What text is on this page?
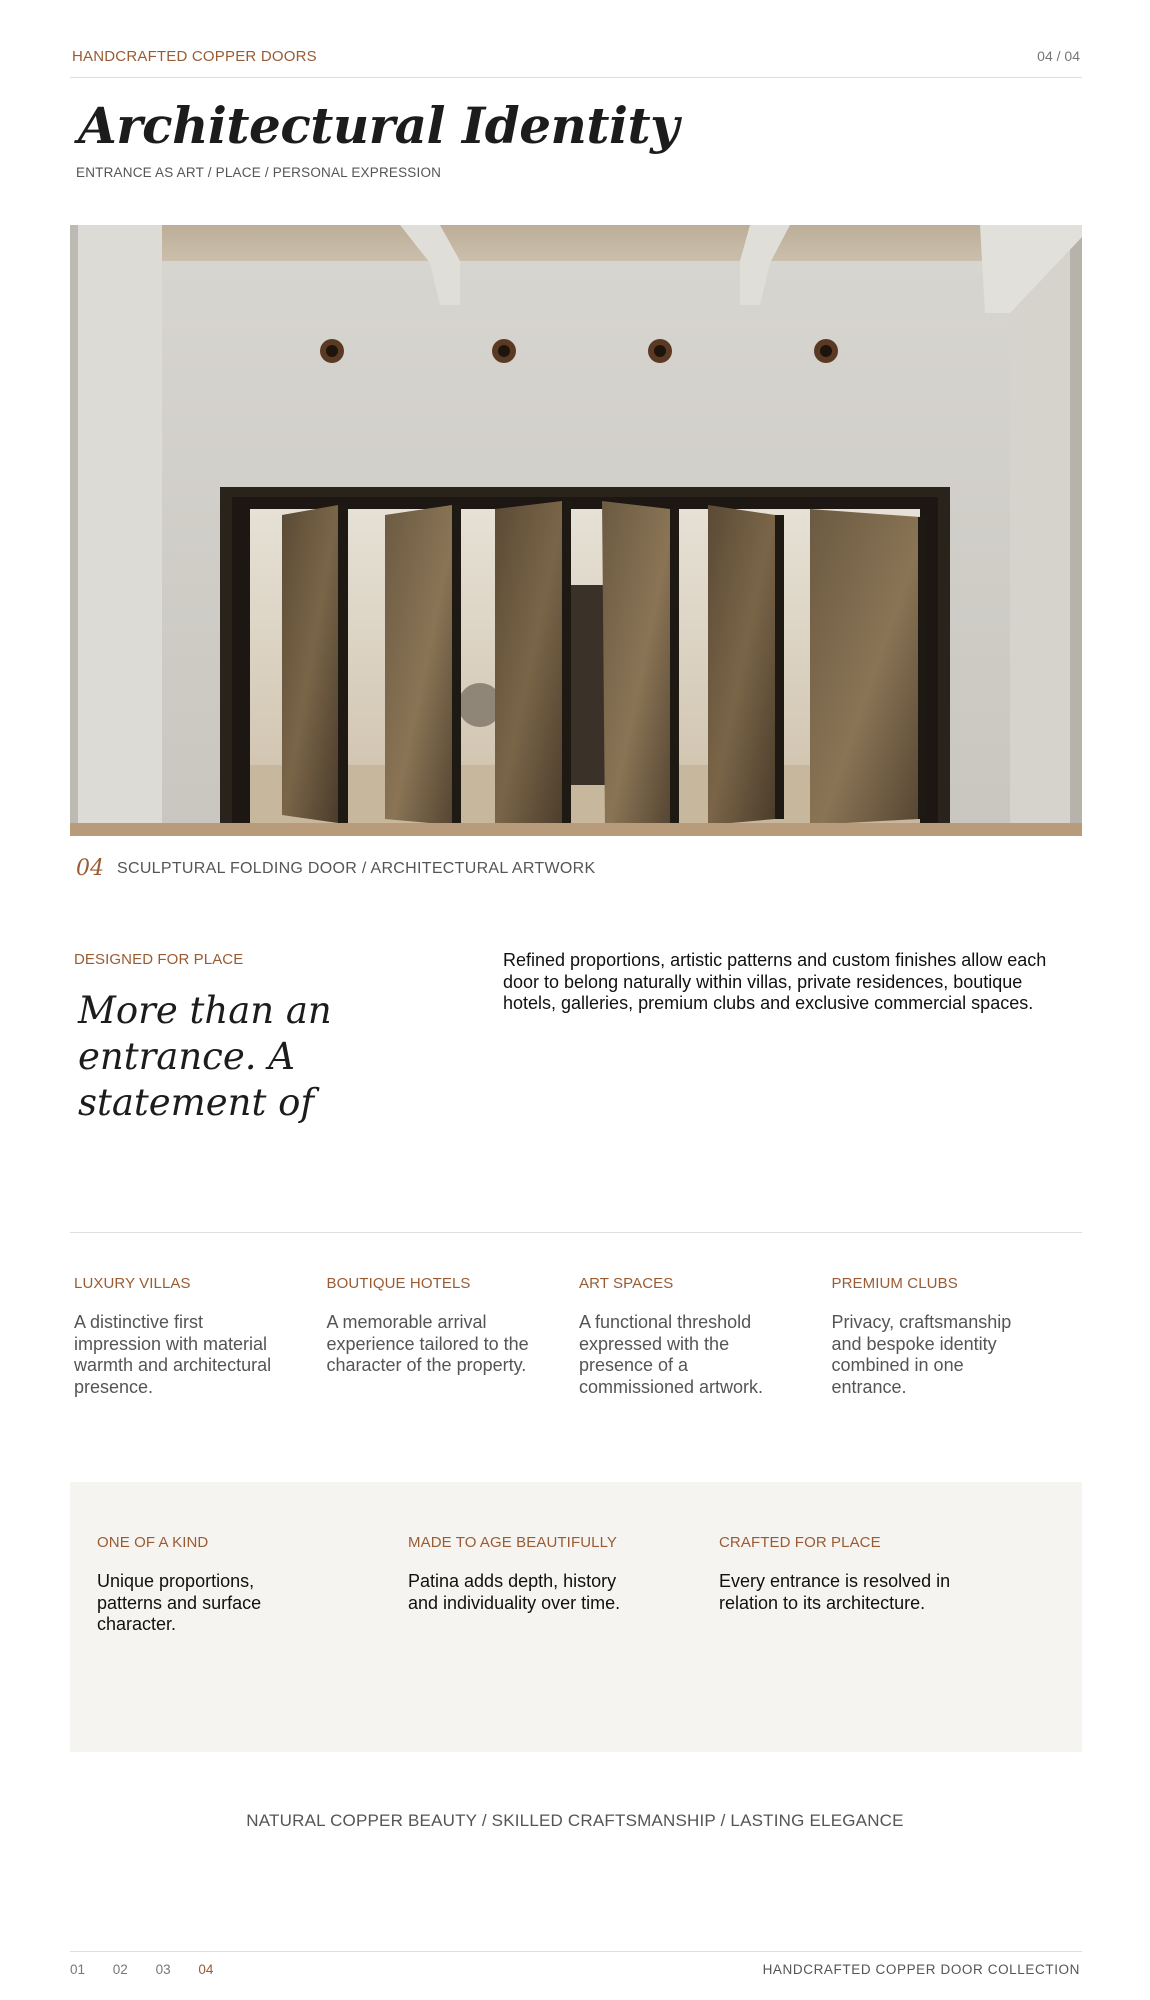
HANDCRAFTED COPPER DOORS	04 / 04
Architectural Identity
ENTRANCE AS ART / PLACE / PERSONAL EXPRESSION
04 SCULPTURAL FOLDING DOOR / ARCHITECTURAL ARTWORK
DESIGNED FOR PLACE
More than an entrance. A statement of

Refined proportions, artistic patterns and custom finishes allow each door to belong naturally within villas, private residences, boutique hotels, galleries, premium clubs and exclusive commercial spaces.

LUXURY VILLAS

A distinctive first impression with material warmth and architectural presence.

BOUTIQUE HOTELS

A memorable arrival experience tailored to the character of the property.

ART SPACES

A functional threshold expressed with the presence of a commissioned artwork.

PREMIUM CLUBS

Privacy, craftsmanship and bespoke identity combined in one entrance.

ONE OF A KIND

Unique proportions, patterns and surface character.

MADE TO AGE BEAUTIFULLY

Patina adds depth, history and individuality over time.

CRAFTED FOR PLACE

Every entrance is resolved in relation to its architecture.

NATURAL COPPER BEAUTY / SKILLED CRAFTSMANSHIP / LASTING ELEGANCE
01 02 03 04	HANDCRAFTED COPPER DOOR COLLECTION
